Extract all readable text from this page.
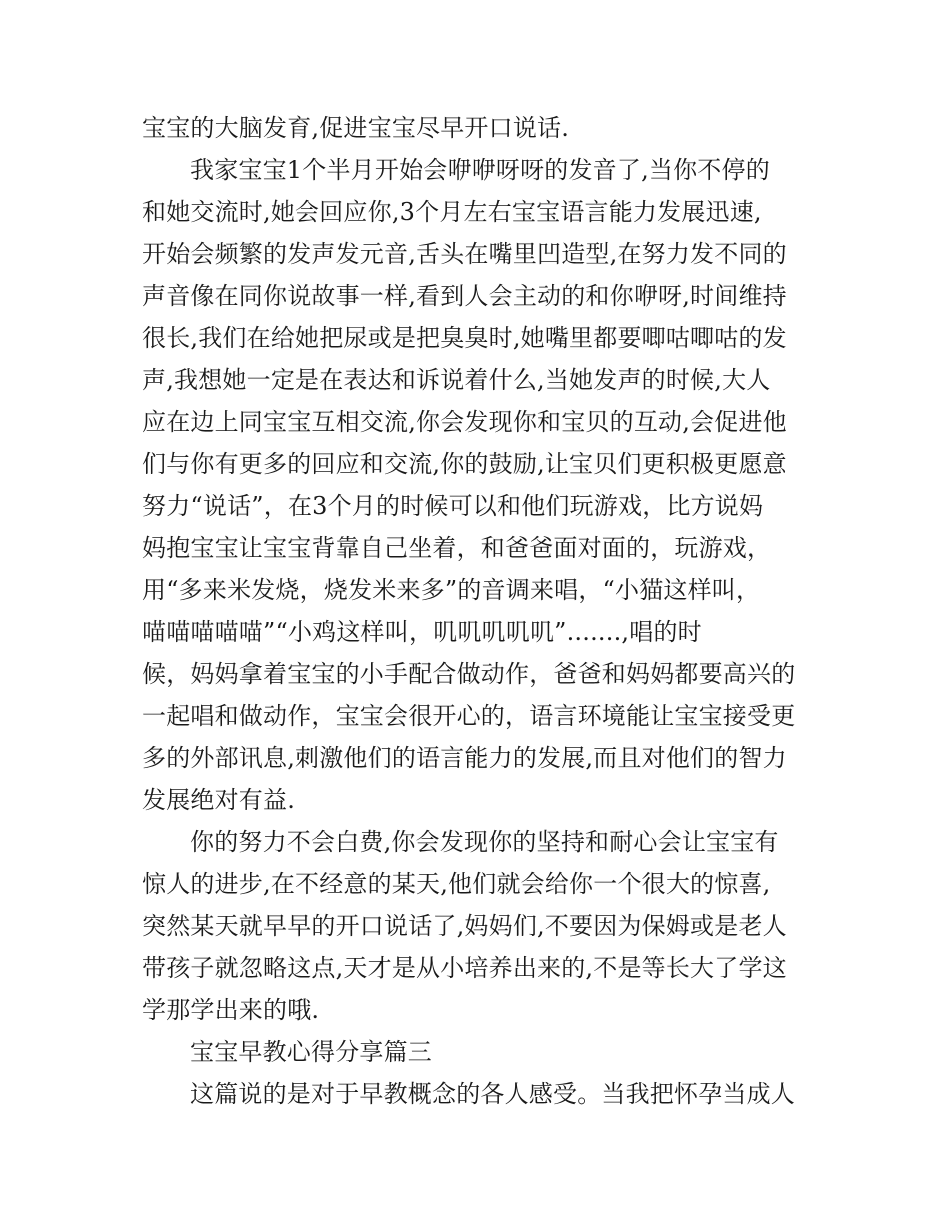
宝宝的大脑发育,促进宝宝尽早开口说话.
我家宝宝1个半月开始会咿咿呀呀的发音了,当你不停的
和她交流时,她会回应你,3个月左右宝宝语言能力发展迅速,
开始会频繁的发声发元音,舌头在嘴里凹造型,在努力发不同的
声音像在同你说故事一样,看到人会主动的和你咿呀,时间维持
很长,我们在给她把尿或是把臭臭时,她嘴里都要唧咕唧咕的发
声,我想她一定是在表达和诉说着什么,当她发声的时候,大人
应在边上同宝宝互相交流,你会发现你和宝贝的互动,会促进他
们与你有更多的回应和交流,你的鼓励,让宝贝们更积极更愿意
努力“说话”，在3个月的时候可以和他们玩游戏，比方说妈
妈抱宝宝让宝宝背靠自己坐着，和爸爸面对面的，玩游戏，
用“多来米发烧，烧发米来多”的音调来唱，“小猫这样叫，
喵喵喵喵喵”“小鸡这样叫，叽叽叽叽叽”.......,唱的时
候，妈妈拿着宝宝的小手配合做动作，爸爸和妈妈都要高兴的
一起唱和做动作，宝宝会很开心的，语言环境能让宝宝接受更
多的外部讯息,刺激他们的语言能力的发展,而且对他们的智力
发展绝对有益.
你的努力不会白费,你会发现你的坚持和耐心会让宝宝有
惊人的进步,在不经意的某天,他们就会给你一个很大的惊喜,
突然某天就早早的开口说话了,妈妈们,不要因为保姆或是老人
带孩子就忽略这点,天才是从小培养出来的,不是等长大了学这
学那学出来的哦.
宝宝早教心得分享篇三
这篇说的是对于早教概念的各人感受。当我把怀孕当成人
